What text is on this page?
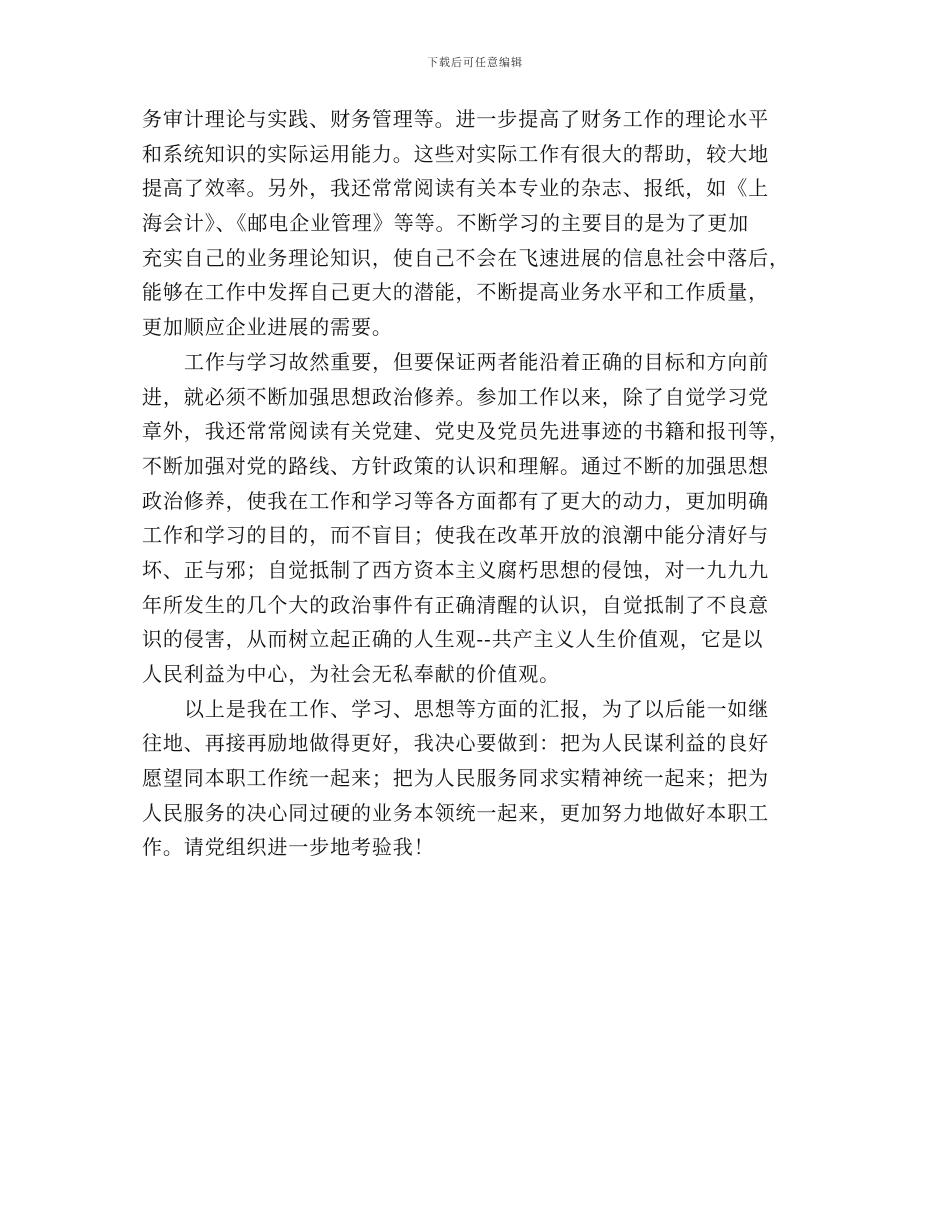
下载后可任意编辑
务审计理论与实践、财务管理等。进一步提高了财务工作的理论水平
和系统知识的实际运用能力。这些对实际工作有很大的帮助，较大地
提高了效率。另外，我还常常阅读有关本专业的杂志、报纸，如《上
海会计》、《邮电企业管理》等等。不断学习的主要目的是为了更加
充实自己的业务理论知识，使自己不会在飞速进展的信息社会中落后，
能够在工作中发挥自己更大的潜能，不断提高业务水平和工作质量，
更加顺应企业进展的需要。
工作与学习故然重要，但要保证两者能沿着正确的目标和方向前
进，就必须不断加强思想政治修养。参加工作以来，除了自觉学习党
章外，我还常常阅读有关党建、党史及党员先进事迹的书籍和报刊等，
不断加强对党的路线、方针政策的认识和理解。通过不断的加强思想
政治修养，使我在工作和学习等各方面都有了更大的动力，更加明确
工作和学习的目的，而不盲目；使我在改革开放的浪潮中能分清好与
坏、正与邪；自觉抵制了西方资本主义腐朽思想的侵蚀，对一九九九
年所发生的几个大的政治事件有正确清醒的认识，自觉抵制了不良意
识的侵害，从而树立起正确的人生观--共产主义人生价值观，它是以
人民利益为中心，为社会无私奉献的价值观。
以上是我在工作、学习、思想等方面的汇报，为了以后能一如继
往地、再接再励地做得更好，我决心要做到：把为人民谋利益的良好
愿望同本职工作统一起来；把为人民服务同求实精神统一起来；把为
人民服务的决心同过硬的业务本领统一起来，更加努力地做好本职工
作。请党组织进一步地考验我！
